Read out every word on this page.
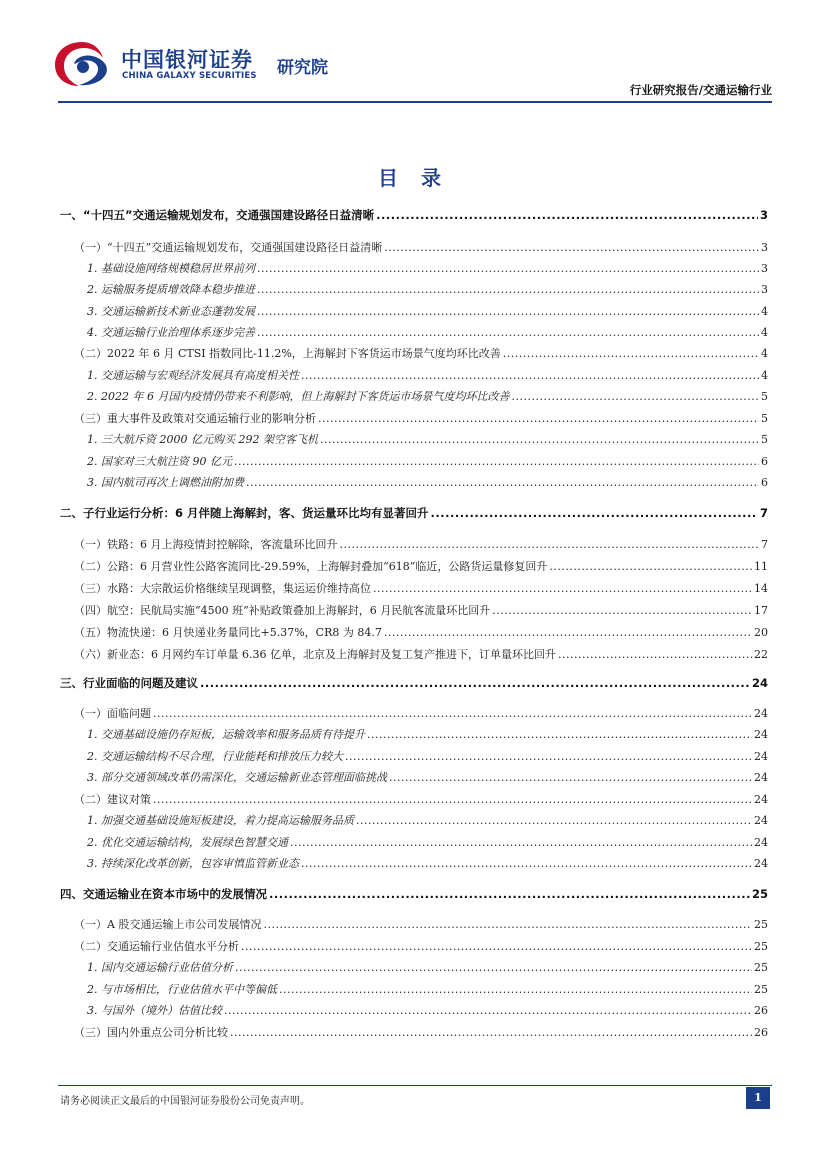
中国银河证券
CHINA GALAXY SECURITIES 研究院
行业研究报告/交通运输行业
目 录
一、“十四五”交通运输规划发布，交通强国建设路径日益清晰 .....	3
（一）“十四五”交通运输规划发布，交通强国建设路径日益清晰 .....	3
1. 基础设施网络规模稳居世界前列 .....	3
2. 运输服务提质增效降本稳步推进 .....	3
3. 交通运输新技术新业态蓬勃发展 .....	4
4. 交通运输行业治理体系逐步完善 .....	4
（二）2022 年 6 月 CTSI 指数同比-11.2%，上海解封下客货运市场景气度均环比改善 .....	4
1. 交通运输与宏观经济发展具有高度相关性 .....	4
2. 2022 年 6 月国内疫情仍带来不利影响，但上海解封下客货运市场景气度均环比改善 .....	5
（三）重大事件及政策对交通运输行业的影响分析 .....	5
1. 三大航斥资 2000 亿元购买 292 架空客飞机 .....	5
2. 国家对三大航注资 90 亿元 .....	6
3. 国内航司再次上调燃油附加费 .....	6
二、子行业运行分析：6 月伴随上海解封，客、货运量环比均有显著回升 .....	7
（一）铁路：6 月上海疫情封控解除，客流量环比回升 .....	7
（二）公路：6 月营业性公路客流同比-29.59%，上海解封叠加“618”临近，公路货运量修复回升 .....	11
（三）水路：大宗散运价格继续呈现调整，集运运价维持高位 .....	14
（四）航空：民航局实施“4500 班”补贴政策叠加上海解封，6 月民航客流量环比回升 .....	17
（五）物流快递：6 月快递业务量同比+5.37%，CR8 为 84.7 .....	20
（六）新业态：6 月网约车订单量 6.36 亿单，北京及上海解封及复工复产推进下，订单量环比回升 .....	22
三、行业面临的问题及建议 .....	24
（一）面临问题 .....	24
1. 交通基础设施仍存短板，运输效率和服务品质有待提升 .....	24
2. 交通运输结构不尽合理，行业能耗和排放压力较大 .....	24
3. 部分交通领域改革仍需深化，交通运输新业态管理面临挑战 .....	24
（二）建议对策 .....	24
1. 加强交通基础设施短板建设，着力提高运输服务品质 .....	24
2. 优化交通运输结构，发展绿色智慧交通 .....	24
3. 持续深化改革创新，包容审慎监管新业态 .....	24
四、交通运输业在资本市场中的发展情况 .....	25
（一）A 股交通运输上市公司发展情况 .....	25
（二）交通运输行业估值水平分析 .....	25
1. 国内交通运输行业估值分析 .....	25
2. 与市场相比，行业估值水平中等偏低 .....	25
3. 与国外（境外）估值比较 .....	26
（三）国内外重点公司分析比较 .....	26
请务必阅读正文最后的中国银河证券股份公司免责声明。	1
